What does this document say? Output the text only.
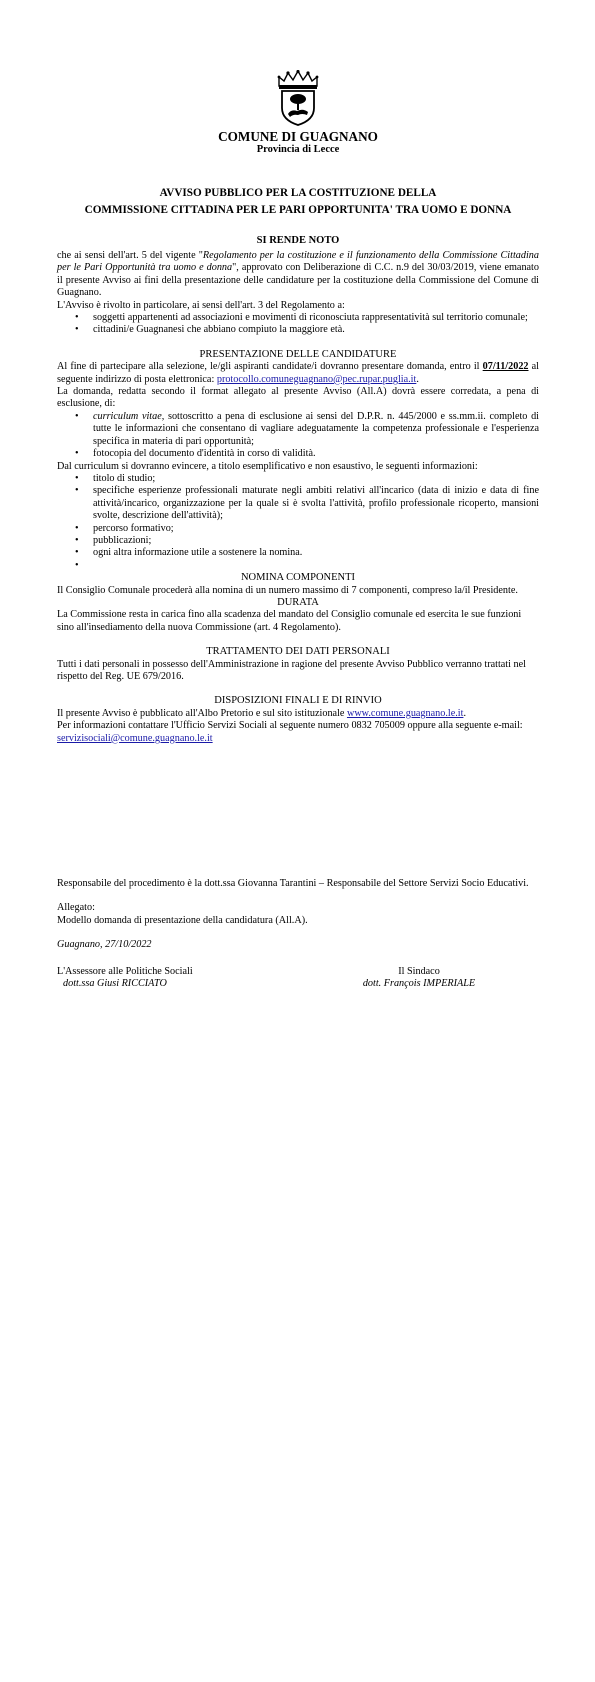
COMUNE DI GUAGNANO
Provincia di Lecce
AVVISO PUBBLICO PER LA COSTITUZIONE DELLA
COMMISSIONE CITTADINA PER LE PARI OPPORTUNITA' TRA UOMO E DONNA
SI RENDE NOTO

che ai sensi dell'art. 5 del vigente "Regolamento per la costituzione e il funzionamento della Commissione Cittadina per le Pari Opportunità tra uomo e donna", approvato con Deliberazione di C.C. n.9 del 30/03/2019, viene emanato il presente Avviso ai fini della presentazione delle candidature per la costituzione della Commissione del Comune di Guagnano.

L'Avviso è rivolto in particolare, ai sensi dell'art. 3 del Regolamento a:

• soggetti appartenenti ad associazioni e movimenti di riconosciuta rappresentatività sul territorio comunale;
• cittadini/e Guagnanesi che abbiano compiuto la maggiore età.
PRESENTAZIONE DELLE CANDIDATURE

Al fine di partecipare alla selezione, le/gli aspiranti candidate/i dovranno presentare domanda, entro il 07/11/2022 al seguente indirizzo di posta elettronica: protocollo.comuneguagnano@pec.rupar.puglia.it.

La domanda, redatta secondo il format allegato al presente Avviso (All.A) dovrà essere corredata, a pena di esclusione, di:

• curriculum vitae, sottoscritto a pena di esclusione ai sensi del D.P.R. n. 445/2000 e ss.mm.ii. completo di tutte le informazioni che consentano di vagliare adeguatamente la competenza professionale e l'esperienza specifica in materia di pari opportunità;
• fotocopia del documento d'identità in corso di validità.

Dal curriculum si dovranno evincere, a titolo esemplificativo e non esaustivo, le seguenti informazioni:

• titolo di studio;
• specifiche esperienze professionali maturate negli ambiti relativi all'incarico (data di inizio e data di fine attività/incarico, organizzazione per la quale si è svolta l'attività, profilo professionale ricoperto, mansioni svolte, descrizione dell'attività);
• percorso formativo;
• pubblicazioni;
• ogni altra informazione utile a sostenere la nomina.
•
NOMINA COMPONENTI

Il Consiglio Comunale procederà alla nomina di un numero massimo di 7 componenti, compreso la/il Presidente.

DURATA

La Commissione resta in carica fino alla scadenza del mandato del Consiglio comunale ed esercita le sue funzioni sino all'insediamento della nuova Commissione (art. 4 Regolamento).

TRATTAMENTO DEI DATI PERSONALI

Tutti i dati personali in possesso dell'Amministrazione in ragione del presente Avviso Pubblico verranno trattati nel rispetto del Reg. UE 679/2016.

DISPOSIZIONI FINALI E DI RINVIO

Il presente Avviso è pubblicato all'Albo Pretorio e sul sito istituzionale www.comune.guagnano.le.it.

Per informazioni contattare l'Ufficio Servizi Sociali al seguente numero 0832 705009 oppure alla seguente e-mail: servizisociali@comune.guagnano.le.it

Responsabile del procedimento è la dott.ssa Giovanna Tarantini – Responsabile del Settore Servizi Socio Educativi.

Allegato:

Modello domanda di presentazione della candidatura (All.A).

Guagnano, 27/10/2022

L'Assessore alle Politiche Sociali
dott.ssa Giusi RICCIATO
Il Sindaco
dott. François IMPERIALE
